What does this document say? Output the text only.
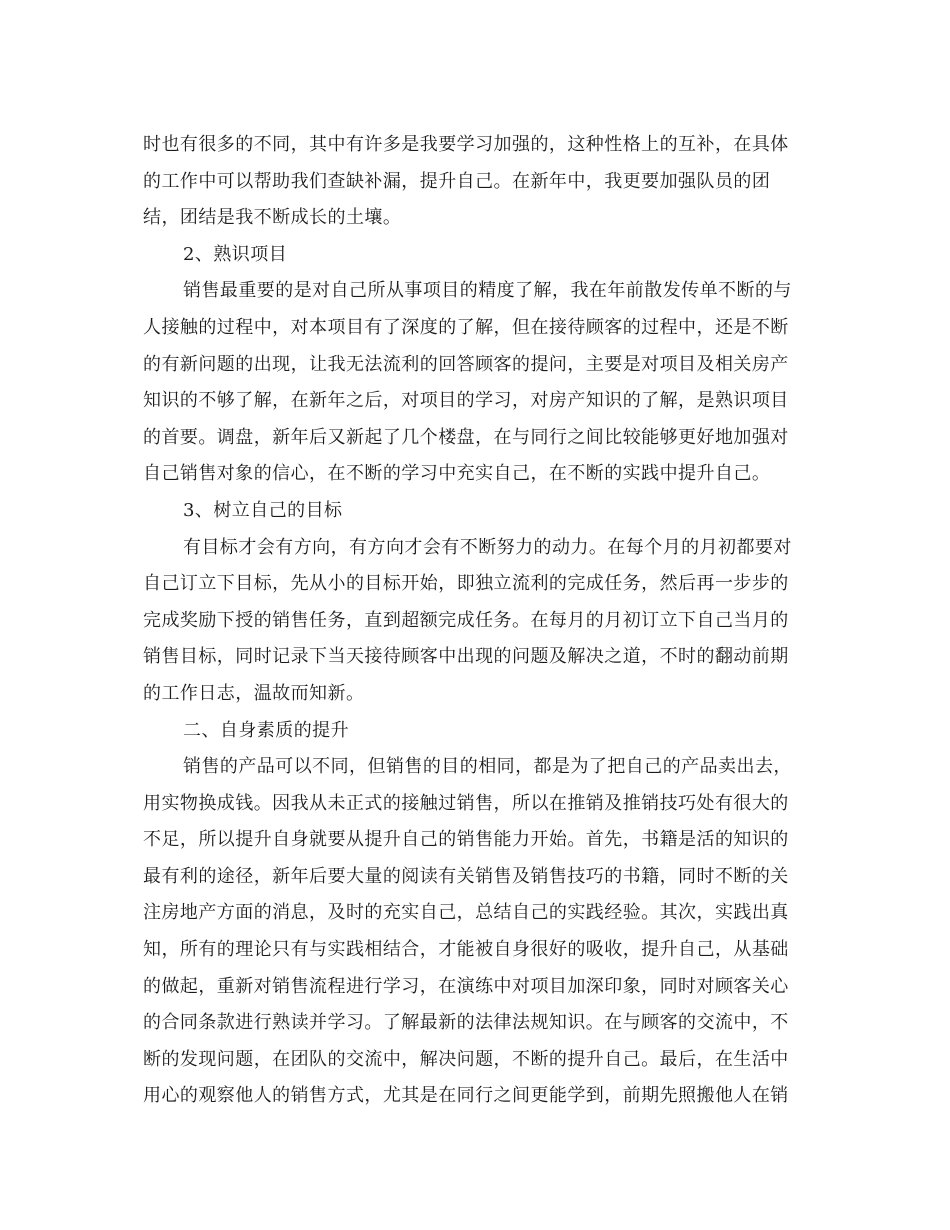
时也有很多的不同，其中有许多是我要学习加强的，这种性格上的互补，在具体
的工作中可以帮助我们查缺补漏，提升自己。在新年中，我更要加强队员的团
结，团结是我不断成长的土壤。
2、熟识项目
销售最重要的是对自己所从事项目的精度了解，我在年前散发传单不断的与
人接触的过程中，对本项目有了深度的了解，但在接待顾客的过程中，还是不断
的有新问题的出现，让我无法流利的回答顾客的提问，主要是对项目及相关房产
知识的不够了解，在新年之后，对项目的学习，对房产知识的了解，是熟识项目
的首要。调盘，新年后又新起了几个楼盘，在与同行之间比较能够更好地加强对
自己销售对象的信心，在不断的学习中充实自己，在不断的实践中提升自己。
3、树立自己的目标
有目标才会有方向，有方向才会有不断努力的动力。在每个月的月初都要对
自己订立下目标，先从小的目标开始，即独立流利的完成任务，然后再一步步的
完成奖励下授的销售任务，直到超额完成任务。在每月的月初订立下自己当月的
销售目标，同时记录下当天接待顾客中出现的问题及解决之道，不时的翻动前期
的工作日志，温故而知新。
二、自身素质的提升
销售的产品可以不同，但销售的目的相同，都是为了把自己的产品卖出去，
用实物换成钱。因我从未正式的接触过销售，所以在推销及推销技巧处有很大的
不足，所以提升自身就要从提升自己的销售能力开始。首先，书籍是活的知识的
最有利的途径，新年后要大量的阅读有关销售及销售技巧的书籍，同时不断的关
注房地产方面的消息，及时的充实自己，总结自己的实践经验。其次，实践出真
知，所有的理论只有与实践相结合，才能被自身很好的吸收，提升自己，从基础
的做起，重新对销售流程进行学习，在演练中对项目加深印象，同时对顾客关心
的合同条款进行熟读并学习。了解最新的法律法规知识。在与顾客的交流中，不
断的发现问题，在团队的交流中，解决问题，不断的提升自己。最后，在生活中
用心的观察他人的销售方式，尤其是在同行之间更能学到，前期先照搬他人在销
